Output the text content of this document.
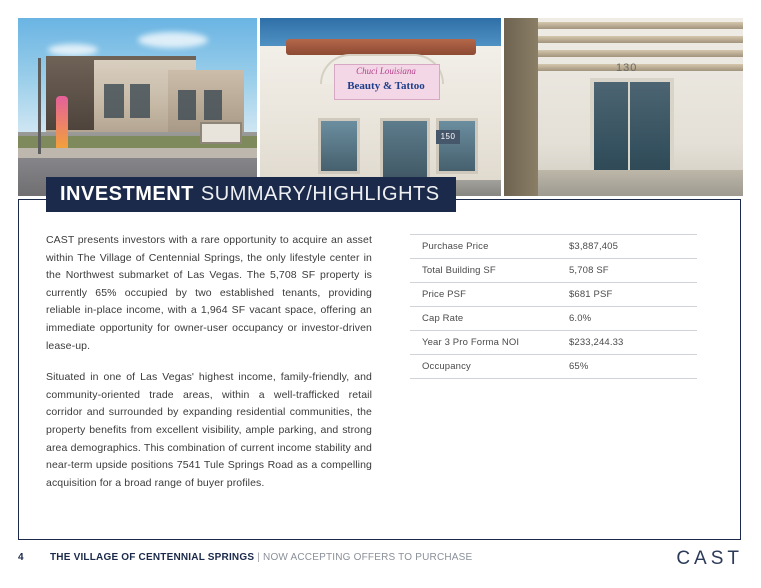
Chuci Louisiana
Beauty & Tattoo
150
130
INVESTMENT SUMMARY/HIGHLIGHTS

CAST presents investors with a rare opportunity to acquire an asset within The Village of Centennial Springs, the only lifestyle center in the Northwest submarket of Las Vegas. The 5,708 SF property is currently 65% occupied by two established tenants, providing reliable in-place income, with a 1,964 SF vacant space, offering an immediate opportunity for owner-user occupancy or investor-driven lease-up.

Situated in one of Las Vegas' highest income, family-friendly, and community-oriented trade areas, within a well-trafficked retail corridor and surrounded by expanding residential communities, the property benefits from excellent visibility, ample parking, and strong area demographics. This combination of current income stability and near-term upside positions 7541 Tule Springs Road as a compelling acquisition for a broad range of buyer profiles.

Purchase Price	$3,887,405
Total Building SF	5,708 SF
Price PSF	$681 PSF
Cap Rate	6.0%
Year 3 Pro Forma NOI	$233,244.33
Occupancy	65%
4	THE VILLAGE OF CENTENNIAL SPRINGS | NOW ACCEPTING OFFERS TO PURCHASE	CAST
